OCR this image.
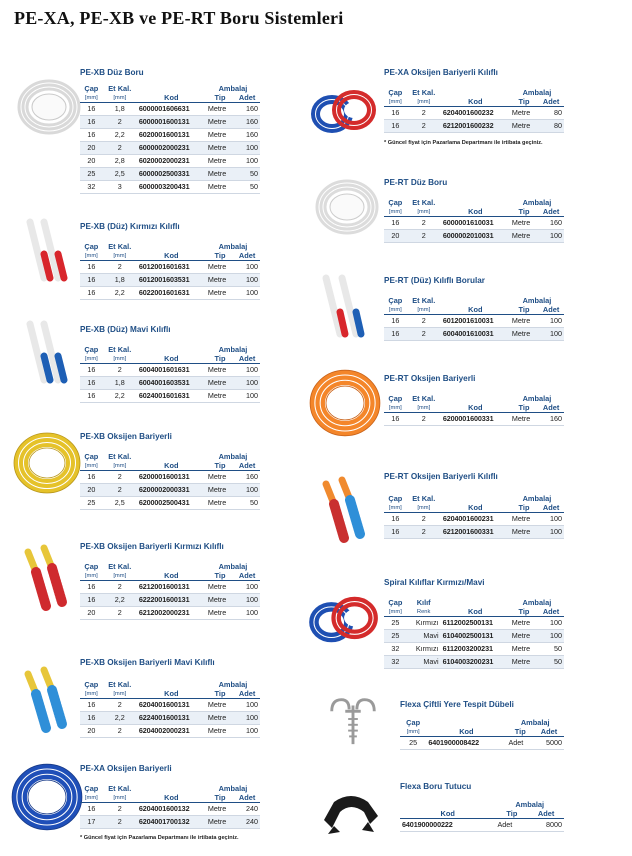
PE-XA, PE-XB ve PE-RT Boru Sistemleri
PE-XB Düz Boru
Çap	Et Kal.		Ambalaj	
[mm]	[mm]	Kod	Tip	Adet
16	1,8	6000001606631	Metre	160
16	2	6000001600131	Metre	160
16	2,2	6020001600131	Metre	160
20	2	6000002000231	Metre	100
20	2,8	6020002000231	Metre	100
25	2,5	6000002500331	Metre	50
32	3	6000003200431	Metre	50
PE-XB (Düz) Kırmızı Kılıflı
Çap	Et Kal.		Ambalaj	
[mm]	[mm]	Kod	Tip	Adet
16	2	6012001601631	Metre	100
16	1,8	6012001603531	Metre	100
16	2,2	6022001601631	Metre	100
PE-XB (Düz) Mavi Kılıflı
Çap	Et Kal.		Ambalaj	
[mm]	[mm]	Kod	Tip	Adet
16	2	6004001601631	Metre	100
16	1,8	6004001603531	Metre	100
16	2,2	6024001601631	Metre	100
PE-XB Oksijen Bariyerli
Çap	Et Kal.		Ambalaj	
[mm]	[mm]	Kod	Tip	Adet
16	2	6200001600131	Metre	160
20	2	6200002000331	Metre	100
25	2,5	6200002500431	Metre	50
PE-XB Oksijen Bariyerli Kırmızı Kılıflı
Çap	Et Kal.		Ambalaj	
[mm]	[mm]	Kod	Tip	Adet
16	2	6212001600131	Metre	100
16	2,2	6222001600131	Metre	100
20	2	6212002000231	Metre	100
PE-XB Oksijen Bariyerli Mavi Kılıflı
Çap	Et Kal.		Ambalaj	
[mm]	[mm]	Kod	Tip	Adet
16	2	6204001600131	Metre	100
16	2,2	6224001600131	Metre	100
20	2	6204002000231	Metre	100
PE-XA Oksijen Bariyerli
Çap	Et Kal.		Ambalaj	
[mm]	[mm]	Kod	Tip	Adet
16	2	6204001600132	Metre	240
17	2	6204001700132	Metre	240
* Güncel fiyat için Pazarlama Departmanı ile irtibata geçiniz.
PE-XA Oksijen Bariyerli Kılıflı
Çap	Et Kal.		Ambalaj	
[mm]	[mm]	Kod	Tip	Adet
16	2	6204001600232	Metre	80
16	2	6212001600232	Metre	80
* Güncel fiyat için Pazarlama Departmanı ile irtibata geçiniz.
PE-RT Düz Boru
Çap	Et Kal.		Ambalaj	
[mm]	[mm]	Kod	Tip	Adet
16	2	6000001610031	Metre	160
20	2	6000002010031	Metre	100
PE-RT (Düz) Kılıflı Borular
Çap	Et Kal.		Ambalaj	
[mm]	[mm]	Kod	Tip	Adet
16	2	6012001610031	Metre	100
16	2	6004001610031	Metre	100
PE-RT Oksijen Bariyerli
Çap	Et Kal.		Ambalaj	
[mm]	[mm]	Kod	Tip	Adet
16	2	6200001600331	Metre	160
PE-RT Oksijen Bariyerli Kılıflı
Çap	Et Kal.		Ambalaj	
[mm]	[mm]	Kod	Tip	Adet
16	2	6204001600231	Metre	100
16	2	6212001600331	Metre	100
Spiral Kılıflar Kırmızı/Mavi
Çap	Kılıf		Ambalaj	
[mm]	Renk	Kod	Tip	Adet
25	Kırmızı	6112002500131	Metre	100
25	Mavi	6104002500131	Metre	100
32	Kırmızı	6112003200231	Metre	50
32	Mavi	6104003200231	Metre	50
Flexa Çiftli Yere Tespit Dübeli
Çap		Ambalaj	
[mm]	Kod	Tip	Adet
25	6401900008422	Adet	5000
Flexa Boru Tutucu
	Ambalaj	
Kod	Tip	Adet
6401900000222	Adet	8000
